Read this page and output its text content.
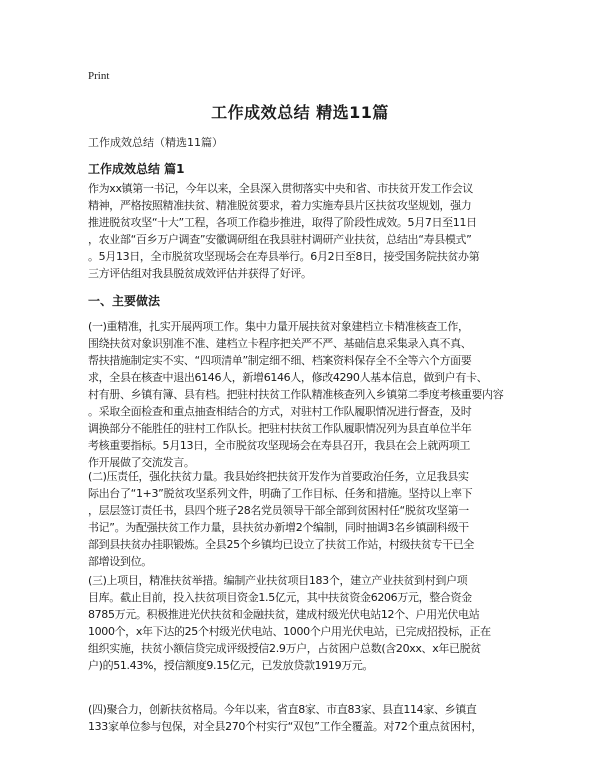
Print
工作成效总结 精选11篇
工作成效总结（精选11篇）
工作成效总结 篇1
作为xx镇第一书记，今年以来，全县深入贯彻落实中央和省、市扶贫开发工作会议
精神，严格按照精准扶贫、精准脱贫要求，着力实施寿县片区扶贫攻坚规划，强力
推进脱贫攻坚“十大”工程，各项工作稳步推进，取得了阶段性成效。5月7日至11日
，农业部“百乡万户调查”安徽调研组在我县驻村调研产业扶贫，总结出“寿县模式”
。5月13日，全市脱贫攻坚现场会在寿县举行。6月2日至8日，接受国务院扶贫办第
三方评估组对我县脱贫成效评估并获得了好评。
一、主要做法
(一)重精准，扎实开展两项工作。集中力量开展扶贫对象建档立卡精准核查工作，
围绕扶贫对象识别准不准、建档立卡程序把关严不严、基础信息采集录入真不真、
帮扶措施制定实不实、“四项清单”制定细不细、档案资料保存全不全等六个方面要
求，全县在核查中退出6146人，新增6146人，修改4290人基本信息，做到户有卡、
村有册、乡镇有簿、县有档。把驻村扶贫工作队精准核查列入乡镇第二季度考核重要内容
。采取全面检查和重点抽查相结合的方式，对驻村工作队履职情况进行督查，及时
调换部分不能胜任的驻村工作队长。把驻村扶贫工作队履职情况列为县直单位半年
考核重要指标。5月13日，全市脱贫攻坚现场会在寿县召开，我县在会上就两项工
作开展做了交流发言。
(二)压责任，强化扶贫力量。我县始终把扶贫开发作为首要政治任务，立足我县实
际出台了“1+3”脱贫攻坚系列文件，明确了工作目标、任务和措施。坚持以上率下
，层层签订责任书，县四个班子28名党员领导干部全部到贫困村任“脱贫攻坚第一
书记”。为配强扶贫工作力量，县扶贫办新增2个编制，同时抽调3名乡镇副科级干
部到县扶贫办挂职锻炼。全县25个乡镇均已设立了扶贫工作站，村级扶贫专干已全
部增设到位。
(三)上项目，精准扶贫举措。编制产业扶贫项目183个，建立产业扶贫到村到户项
目库。截止目前，投入扶贫项目资金1.5亿元，其中扶贫资金6206万元，整合资金
8785万元。积极推进光伏扶贫和金融扶贫，建成村级光伏电站12个、户用光伏电站
1000个，x年下达的25个村级光伏电站、1000个户用光伏电站，已完成招投标，正在
组织实施，扶贫小额信贷完成评级授信2.9万户，占贫困户总数(含20xx、x年已脱贫
户)的51.43%，授信额度9.15亿元，已发放贷款1919万元。
(四)聚合力，创新扶贫格局。今年以来，省直8家、市直83家、县直114家、乡镇直
133家单位参与包保，对全县270个村实行“双包”工作全覆盖。对72个重点贫困村，
